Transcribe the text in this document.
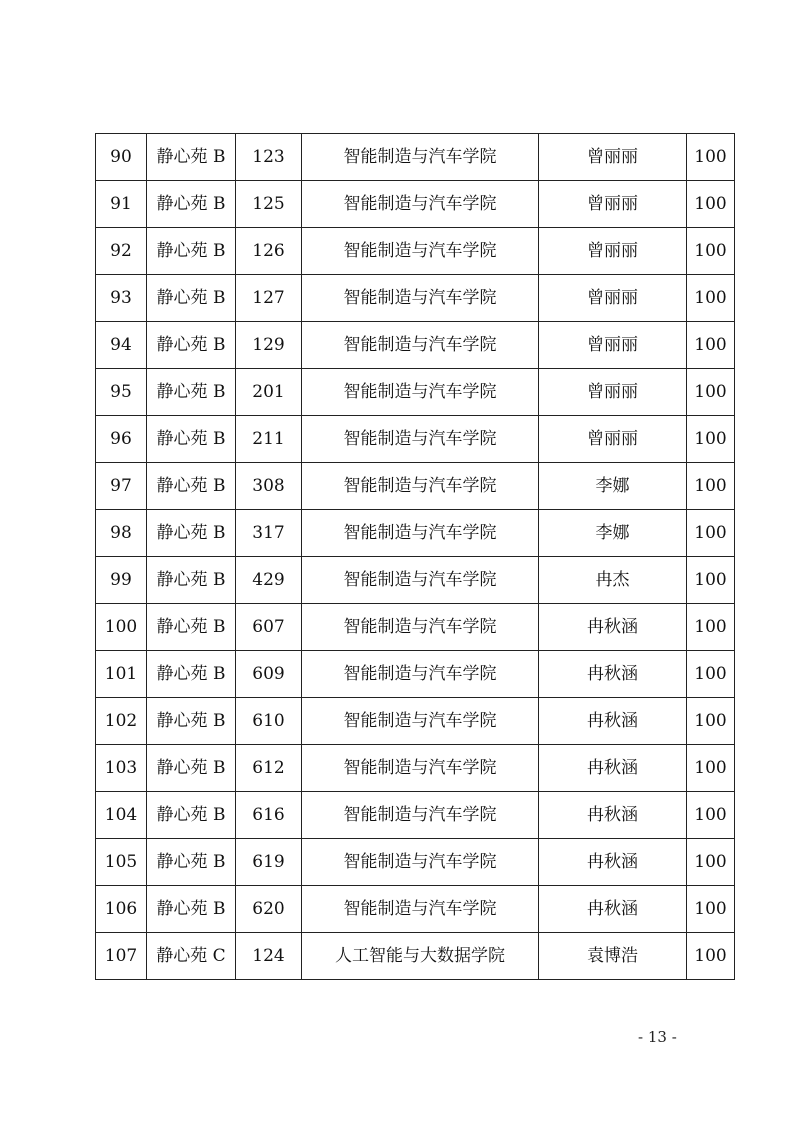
90	静心苑 B	123	智能制造与汽车学院	曾丽丽	100
91	静心苑 B	125	智能制造与汽车学院	曾丽丽	100
92	静心苑 B	126	智能制造与汽车学院	曾丽丽	100
93	静心苑 B	127	智能制造与汽车学院	曾丽丽	100
94	静心苑 B	129	智能制造与汽车学院	曾丽丽	100
95	静心苑 B	201	智能制造与汽车学院	曾丽丽	100
96	静心苑 B	211	智能制造与汽车学院	曾丽丽	100
97	静心苑 B	308	智能制造与汽车学院	李娜	100
98	静心苑 B	317	智能制造与汽车学院	李娜	100
99	静心苑 B	429	智能制造与汽车学院	冉杰	100
100	静心苑 B	607	智能制造与汽车学院	冉秋涵	100
101	静心苑 B	609	智能制造与汽车学院	冉秋涵	100
102	静心苑 B	610	智能制造与汽车学院	冉秋涵	100
103	静心苑 B	612	智能制造与汽车学院	冉秋涵	100
104	静心苑 B	616	智能制造与汽车学院	冉秋涵	100
105	静心苑 B	619	智能制造与汽车学院	冉秋涵	100
106	静心苑 B	620	智能制造与汽车学院	冉秋涵	100
107	静心苑 C	124	人工智能与大数据学院	袁博浩	100
- 13 -
